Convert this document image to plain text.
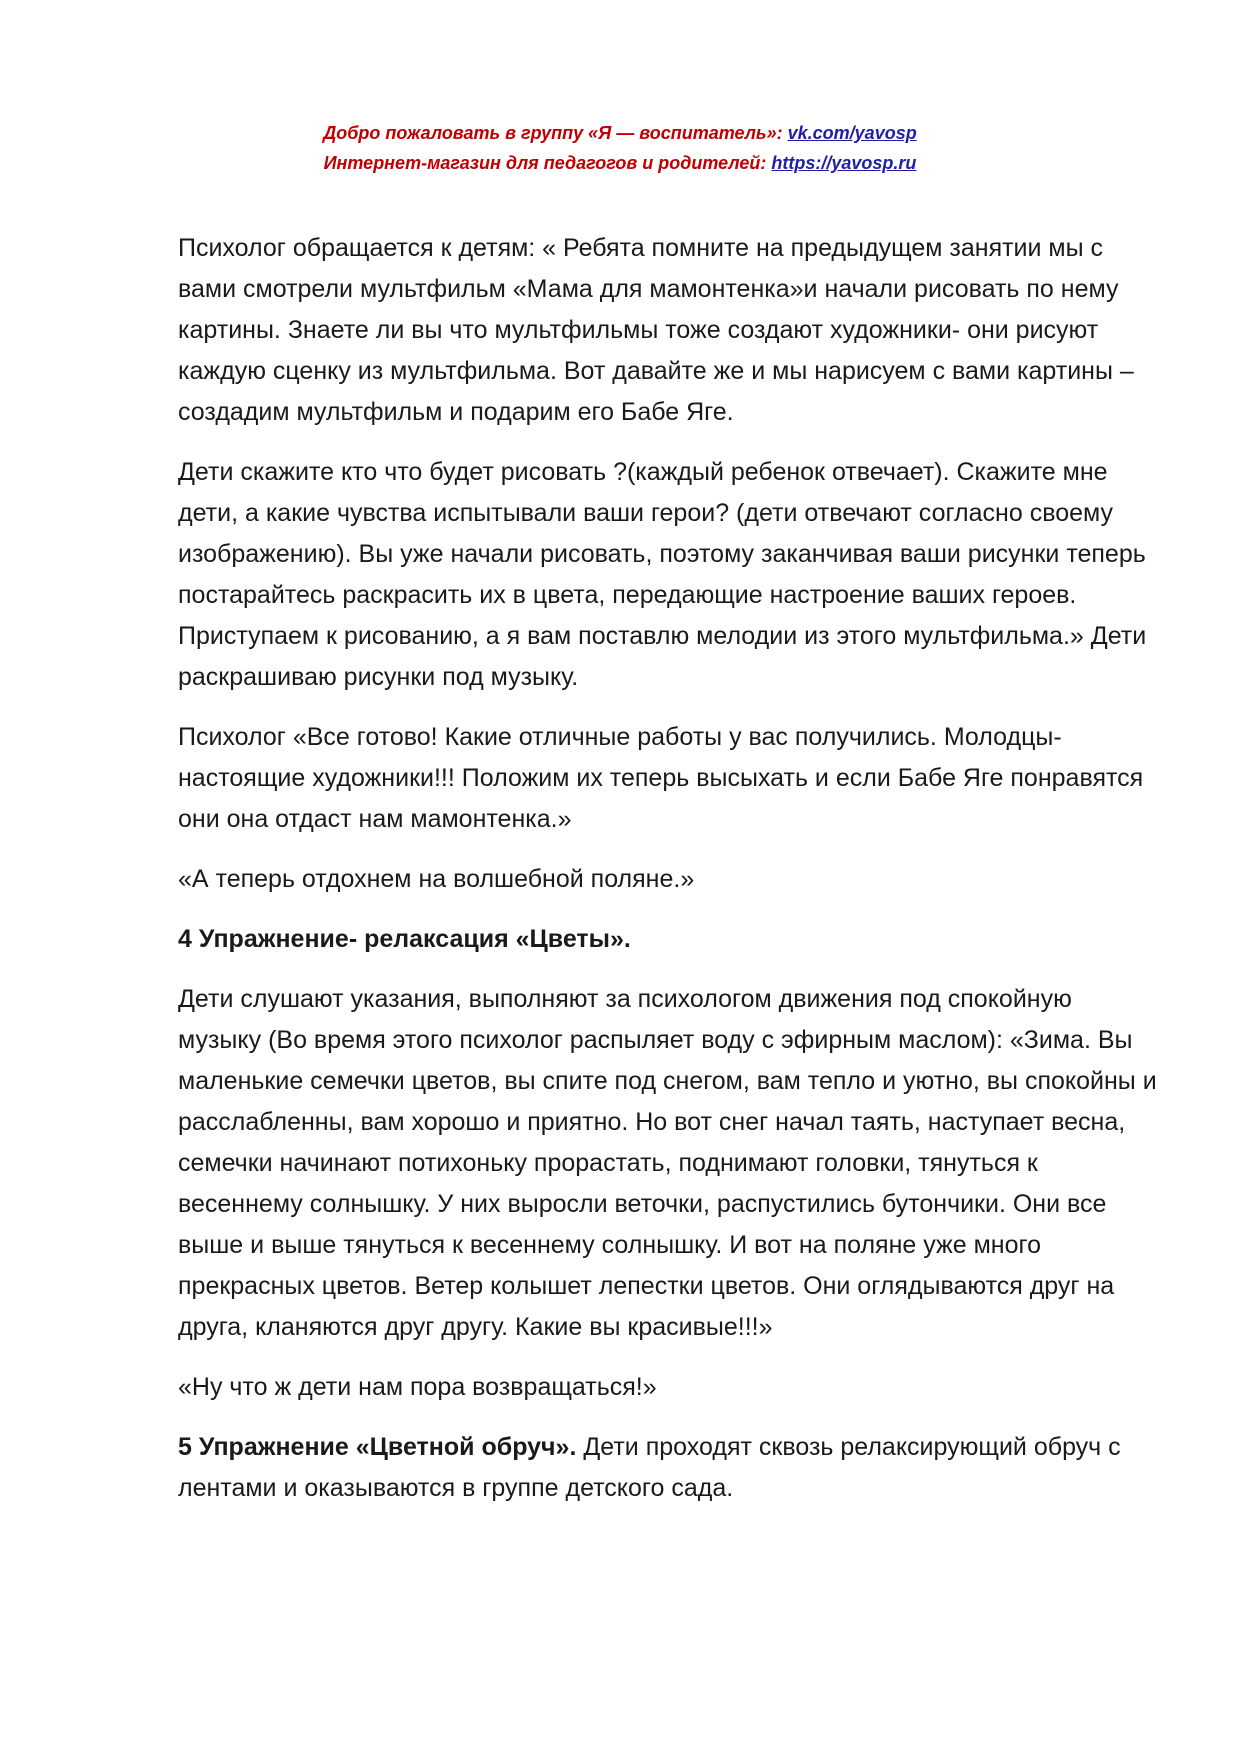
Добро пожаловать в группу «Я — воспитатель»: vk.com/yavosp
Интернет-магазин для педагогов и родителей: https://yavosp.ru

Психолог обращается к детям: « Ребята помните на предыдущем занятии мы с вами смотрели мультфильм «Мама для мамонтенка»и начали рисовать по нему картины. Знаете ли вы что мультфильмы тоже создают художники- они рисуют каждую сценку из мультфильма. Вот давайте же и мы нарисуем с вами картины – создадим мультфильм и подарим его Бабе Яге.

Дети скажите кто что будет рисовать ?(каждый ребенок отвечает). Скажите мне дети, а какие чувства испытывали ваши герои? (дети отвечают согласно своему изображению). Вы уже начали рисовать, поэтому заканчивая ваши рисунки теперь постарайтесь раскрасить их в цвета, передающие настроение ваших героев. Приступаем к рисованию, а я вам поставлю мелодии из этого мультфильма.» Дети раскрашиваю рисунки под музыку.

Психолог «Все готово! Какие отличные работы у вас получились. Молодцы-настоящие художники!!! Положим их теперь высыхать и если Бабе Яге понравятся они она отдаст нам мамонтенка.»

«А теперь отдохнем на волшебной поляне.»

4 Упражнение- релаксация «Цветы».

Дети слушают указания, выполняют за психологом движения под спокойную музыку (Во время этого психолог распыляет воду с эфирным маслом): «Зима. Вы маленькие семечки цветов, вы спите под снегом, вам тепло и уютно, вы спокойны и расслабленны, вам хорошо и приятно. Но вот снег начал таять, наступает весна, семечки начинают потихоньку прорастать, поднимают головки, тянуться к весеннему солнышку. У них выросли веточки, распустились бутончики. Они все выше и выше тянуться к весеннему солнышку. И вот на поляне уже много прекрасных цветов. Ветер колышет лепестки цветов. Они оглядываются друг на друга, кланяются друг другу. Какие вы красивые!!!»

«Ну что ж дети нам пора возвращаться!»

5 Упражнение «Цветной обруч». Дети проходят сквозь релаксирующий обруч с лентами и оказываются в группе детского сада.
